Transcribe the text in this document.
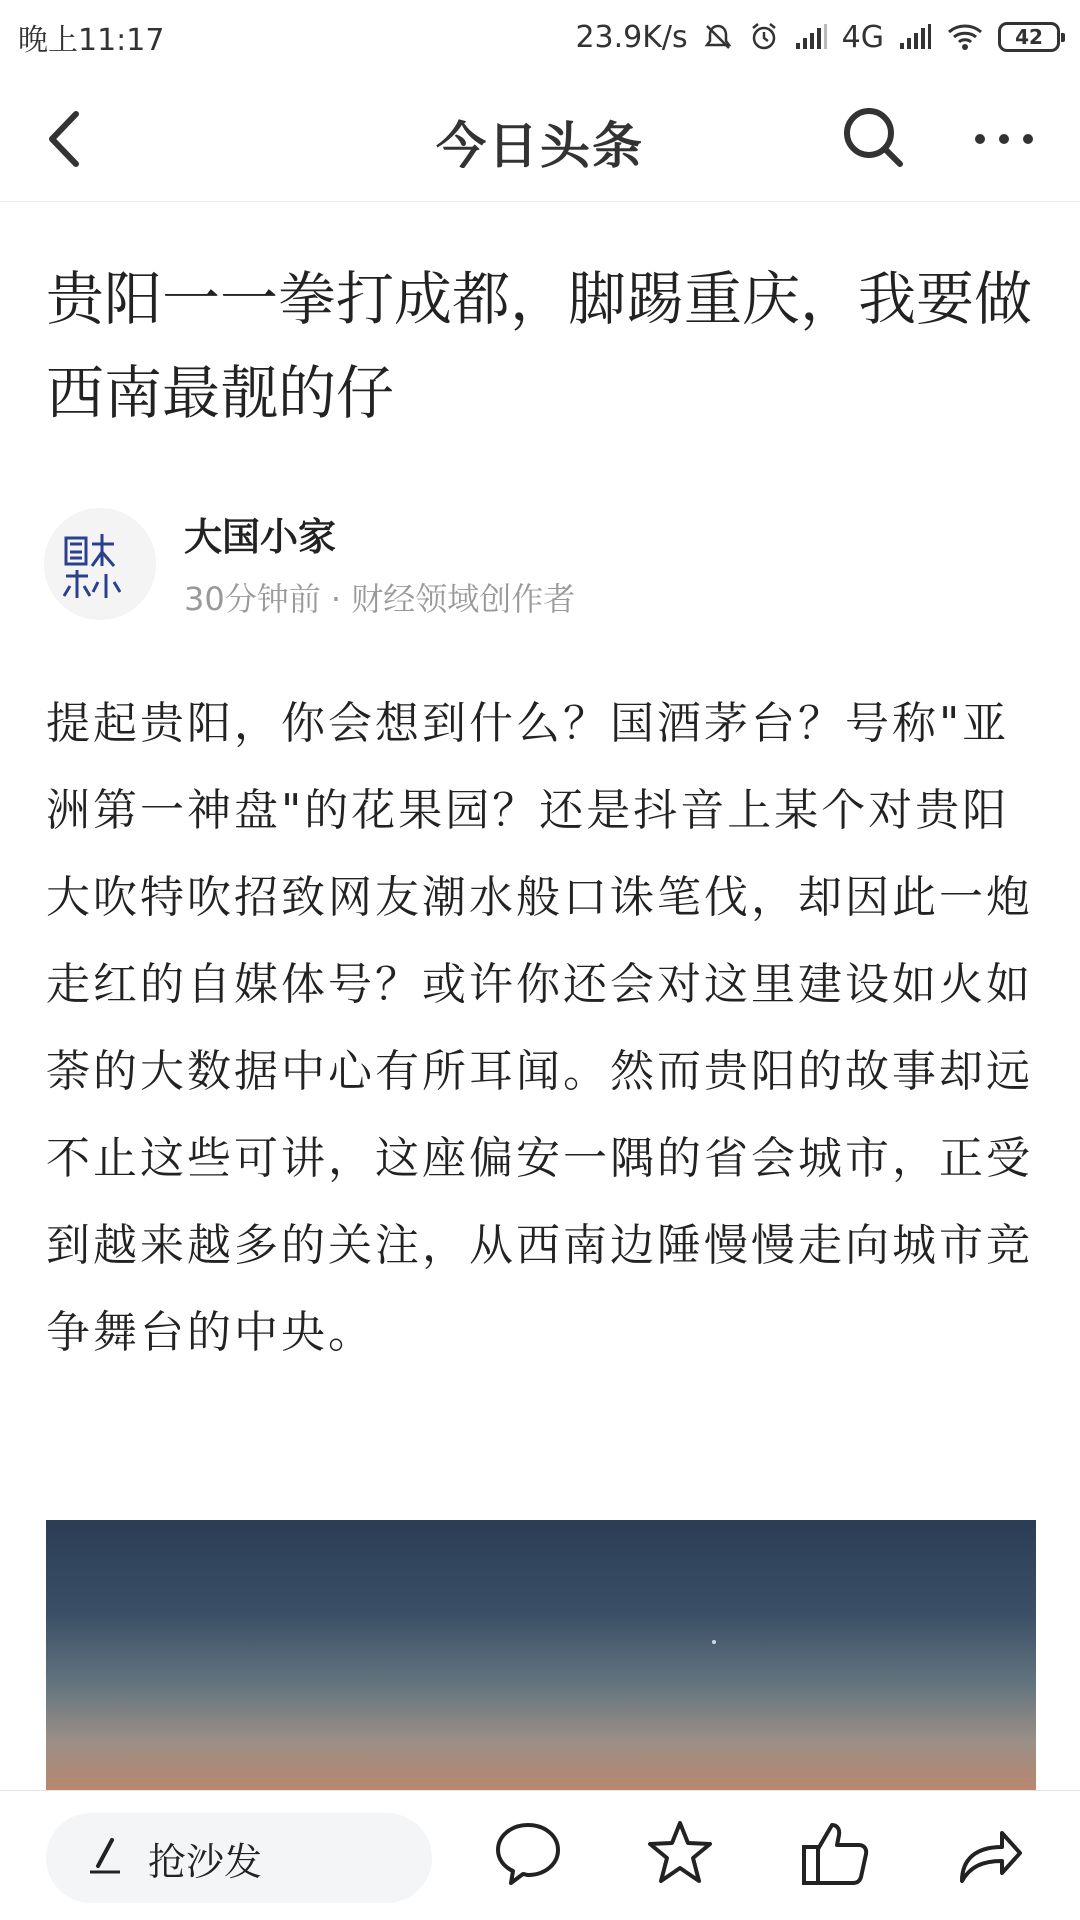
晚上11:17	23.9K/s	4G	42
今日头条
贵阳一一拳打成都，脚踢重庆，我要做西南最靓的仔
大国小家
30分钟前 · 财经领域创作者
提起贵阳，你会想到什么？国酒茅台？号称"亚洲第一神盘"的花果园？还是抖音上某个对贵阳大吹特吹招致网友潮水般口诛笔伐，却因此一炮走红的自媒体号？或许你还会对这里建设如火如荼的大数据中心有所耳闻。然而贵阳的故事却远不止这些可讲，这座偏安一隅的省会城市，正受到越来越多的关注，从西南边陲慢慢走向城市竞争舞台的中央。
抢沙发
